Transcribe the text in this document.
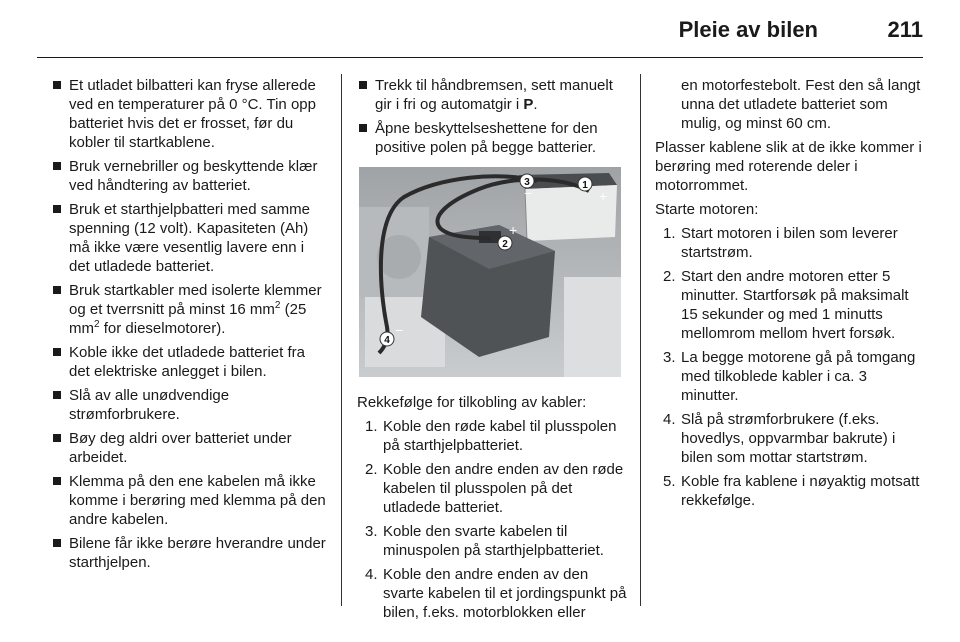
Pleie av bilen	211
Et utladet bilbatteri kan fryse allerede ved en temperaturer på 0 °C. Tin opp batteriet hvis det er frosset, før du kobler til startkablene.
Bruk vernebriller og beskyttende klær ved håndtering av batteriet.
Bruk et starthjelpbatteri med samme spenning (12 volt). Kapasiteten (Ah) må ikke være vesentlig lavere enn i det utladede batteriet.
Bruk startkabler med isolerte klemmer og et tverrsnitt på minst 16 $mm^2$ (25 $mm^2$ for dieselmotorer).
Koble ikke det utladede batteriet fra det elektriske anlegget i bilen.
Slå av alle unødvendige strømforbrukere.
Bøy deg aldri over batteriet under arbeidet.
Klemma på den ene kabelen må ikke komme i berøring med klemma på den andre kabelen.
Bilene får ikke berøre hverandre under starthjelpen.
Trekk til håndbremsen, sett manuelt gir i fri og automatgir i P.
Åpne beskyttelseshettene for den positive polen på begge batterier.
1
+
2
+
3
−
4
−

Rekkefølge for tilkobling av kabler:

1. Koble den røde kabel til plusspolen på starthjelpbatteriet.
2. Koble den andre enden av den røde kabelen til plusspolen på det utladede batteriet.
3. Koble den svarte kabelen til minuspolen på starthjelpbatteriet.
4. Koble den andre enden av den svarte kabelen til et jordingspunkt på bilen, f.eks. motorblokken eller
en motorfestebolt. Fest den så langt unna det utladete batteriet som mulig, og minst 60 cm.

Plasser kablene slik at de ikke kommer i berøring med roterende deler i motorrommet.

Starte motoren:

1. Start motoren i bilen som leverer startstrøm.
2. Start den andre motoren etter 5 minutter. Startforsøk på maksimalt 15 sekunder og med 1 minutts mellomrom mellom hvert forsøk.
3. La begge motorene gå på tomgang med tilkoblede kabler i ca. 3 minutter.
4. Slå på strømforbrukere (f.eks. hovedlys, oppvarmbar bakrute) i bilen som mottar startstrøm.
5. Koble fra kablene i nøyaktig motsatt rekkefølge.
